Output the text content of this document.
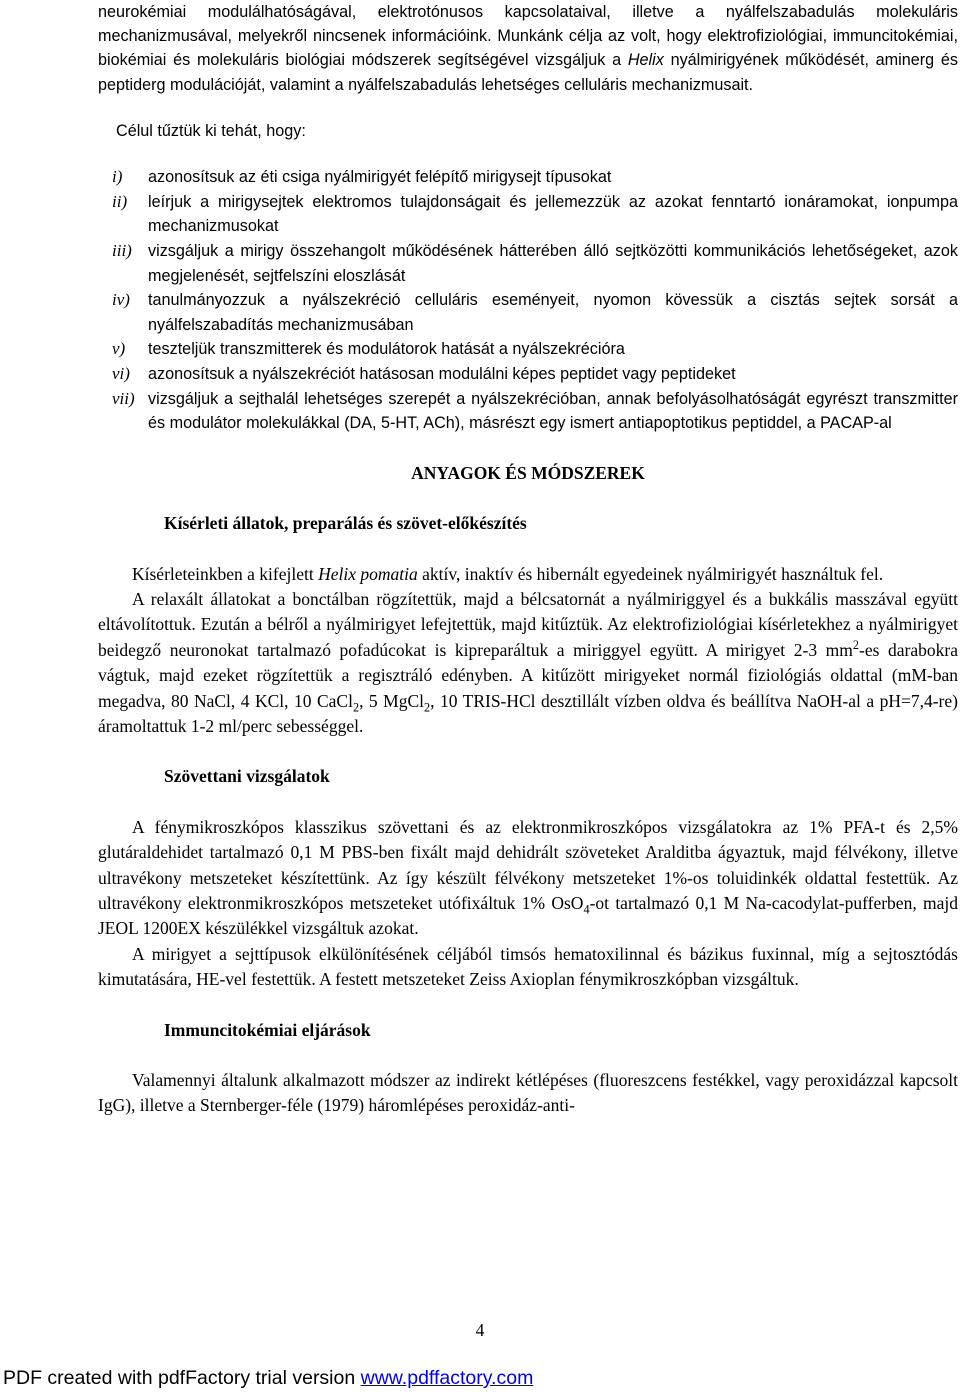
neurokémiai modulálhatóságával, elektrotónusos kapcsolataival, illetve a nyálfelszabadulás molekuláris mechanizmusával, melyekről nincsenek információink. Munkánk célja az volt, hogy elektrofiziológiai, immuncitokémiai, biokémiai és molekuláris biológiai módszerek segítségével vizsgáljuk a Helix nyálmirigyének működését, aminerg és peptiderg modulációját, valamint a nyálfelszabadulás lehetséges celluláris mechanizmusait.

Célul tűztük ki tehát, hogy:
i)	azonosítsuk az éti csiga nyálmirigyét felépítő mirigysejt típusokat
ii)	leírjuk a mirigysejtek elektromos tulajdonságait és jellemezzük az azokat fenntartó ionáramokat, ionpumpa mechanizmusokat
iii) vizsgáljuk a mirigy összehangolt működésének hátterében álló sejtközötti kommunikációs lehetőségeket, azok megjelenését, sejtfelszíni eloszlását
iv)	tanulmányozzuk a nyálszekréció celluláris eseményeit, nyomon kövessük a cisztás sejtek sorsát a nyálfelszabadítás mechanizmusában
v)	teszteljük transzmitterek és modulátorok hatását a nyálszekrécióra
vi)	azonosítsuk a nyálszekréciót hatásosan modulálni képes peptidet vagy peptideket
vii) vizsgáljuk a sejthalál lehetséges szerepét a nyálszekrécióban, annak befolyásolhatóságát egyrészt transzmitter és modulátor molekulákkal (DA, 5-HT, ACh), másrészt egy ismert antiapoptotikus peptiddel, a PACAP-al
ANYAGOK ÉS MÓDSZEREK
Kísérleti állatok, preparálás és szövet-előkészítés

Kísérleteinkben a kifejlett Helix pomatia aktív, inaktív és hibernált egyedeinek nyálmirigyét használtuk fel.

A relaxált állatokat a bonctálban rögzítettük, majd a bélcsatornát a nyálmiriggyel és a bukkális masszával együtt eltávolítottuk. Ezután a bélről a nyálmirigyet lefejtettük, majd kitűztük. Az elektrofiziológiai kísérletekhez a nyálmirigyet beidegző neuronokat tartalmazó pofadúcokat is kipreparáltuk a miriggyel együtt. A mirigyet 2-3 $mm^2-es$ darabokra vágtuk, majd ezeket rögzítettük a regisztráló edényben. A kitűzött mirigyeket normál fiziológiás oldattal (mM-ban megadva, 80 NaCl, 4 KCl, 10 CaCl$_2$, 5 MgCl$_2$, 10 TRIS-HCl desztillált vízben oldva és beállítva NaOH-al a pH=7,4-re) áramoltattuk 1-2 ml/perc sebességgel.

Szövettani vizsgálatok

A fénymikroszkópos klasszikus szövettani és az elektronmikroszkópos vizsgálatokra az 1% PFA-t és 2,5% glutáraldehidet tartalmazó 0,1 M PBS-ben fixált majd dehidrált szöveteket Aralditba ágyaztuk, majd félvékony, illetve ultravékony metszeteket készítettünk. Az így készült félvékony metszeteket 1%-os toluidinkék oldattal festettük. Az ultravékony elektronmikroszkópos metszeteket utófixáltuk 1% OsO$_4$-ot tartalmazó 0,1 M Na-cacodylat-pufferben, majd JEOL 1200EX készülékkel vizsgáltuk azokat.

A mirigyet a sejttípusok elkülönítésének céljából timsós hematoxilinnal és bázikus fuxinnal, míg a sejtosztódás kimutatására, HE-vel festettük. A festett metszeteket Zeiss Axioplan fénymikroszkópban vizsgáltuk.

Immuncitokémiai eljárások

Valamennyi általunk alkalmazott módszer az indirekt kétlépéses (fluoreszcens festékkel, vagy peroxidázzal kapcsolt IgG), illetve a Sternberger-féle (1979) háromlépéses peroxidáz-anti-

4
PDF created with pdfFactory trial version www.pdffactory.com
